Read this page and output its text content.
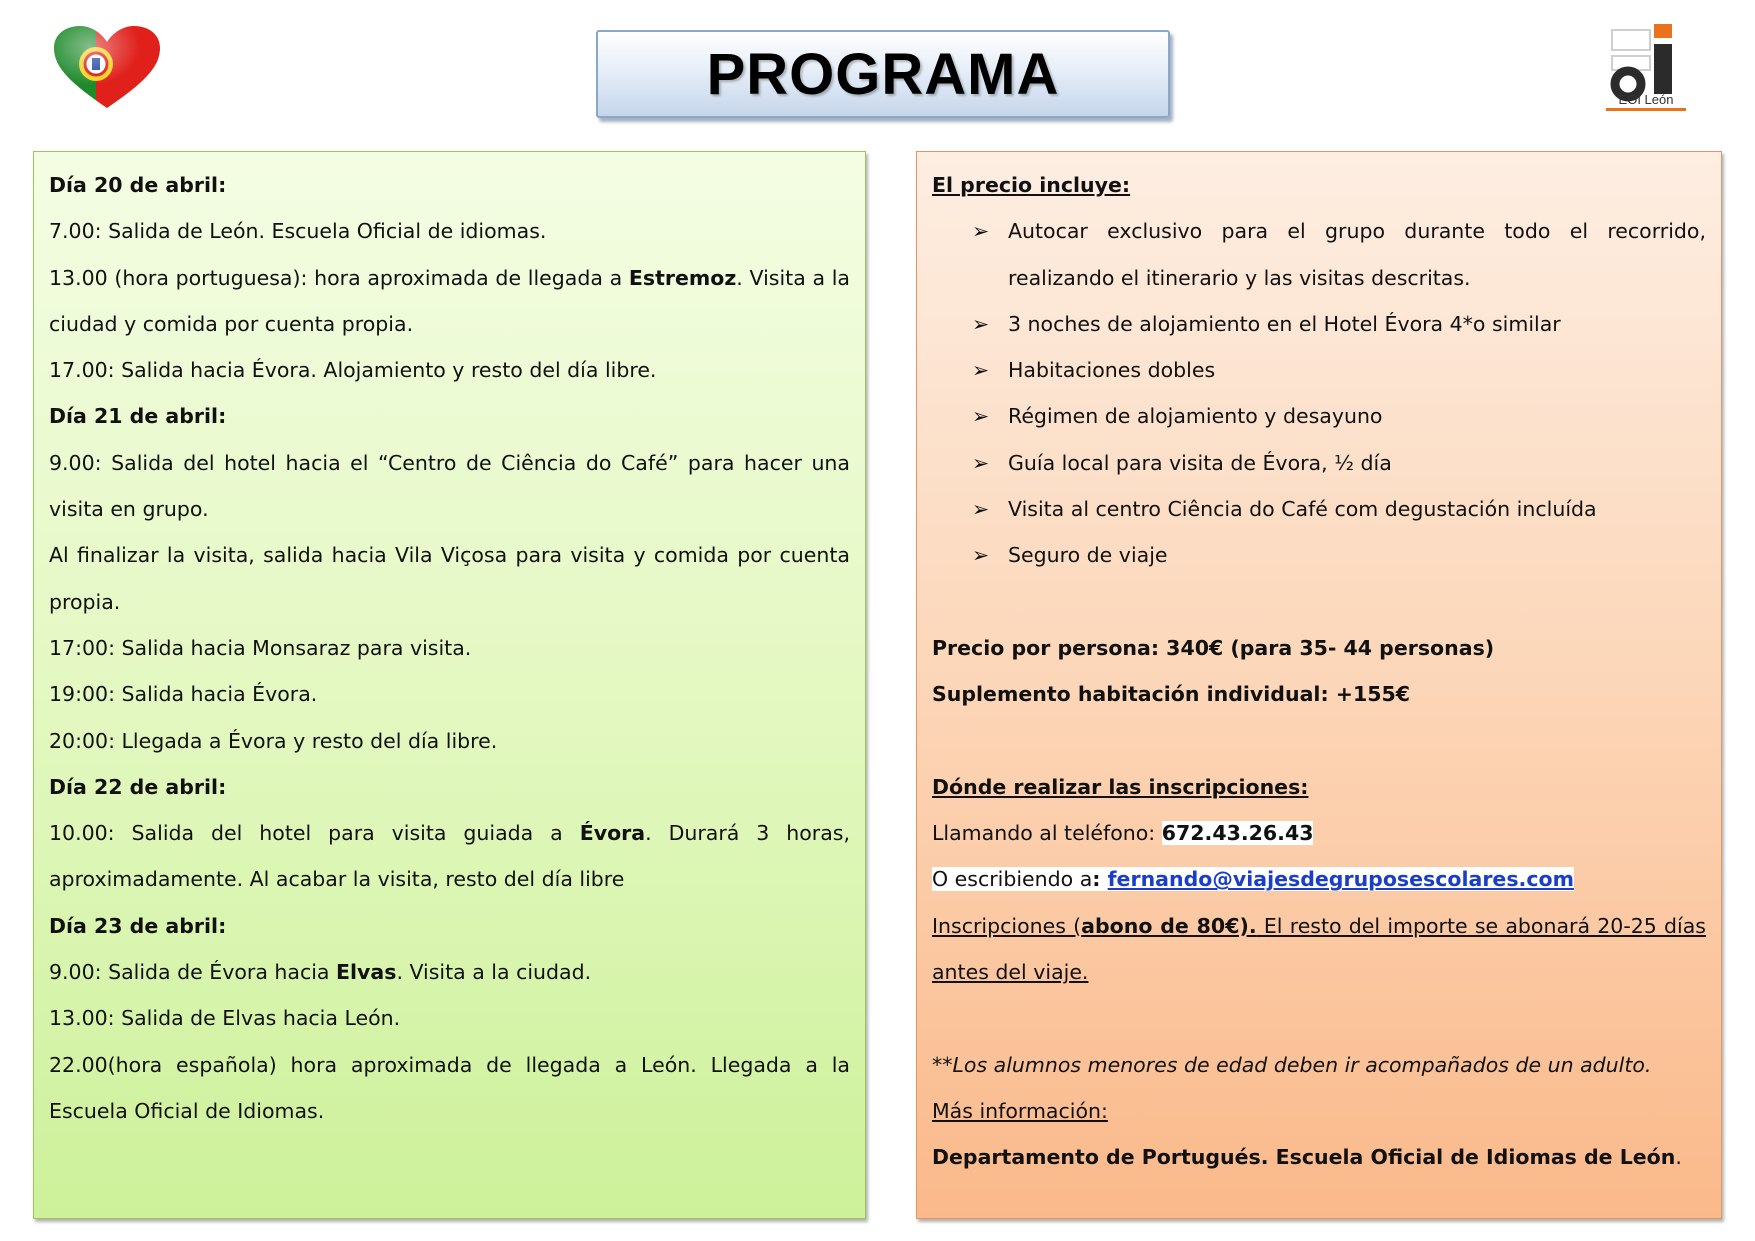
PROGRAMA	EOI León

Día 20 de abril:

7.00: Salida de León. Escuela Oficial de idiomas.

13.00 (hora portuguesa): hora aproximada de llegada a Estremoz. Visita a la ciudad y comida por cuenta propia.

17.00: Salida hacia Évora. Alojamiento y resto del día libre.

Día 21 de abril:

9.00: Salida del hotel hacia el “Centro de Ciência do Café” para hacer una visita en grupo.

Al finalizar la visita, salida hacia Vila Viçosa para visita y comida por cuenta propia.

17:00: Salida hacia Monsaraz para visita.

19:00: Salida hacia Évora.

20:00: Llegada a Évora y resto del día libre.

Día 22 de abril:

10.00: Salida del hotel para visita guiada a Évora. Durará 3 horas, aproximadamente. Al acabar la visita, resto del día libre

Día 23 de abril:

9.00: Salida de Évora hacia Elvas. Visita a la ciudad.

13.00: Salida de Elvas hacia León.

22.00(hora española) hora aproximada de llegada a León. Llegada a la Escuela Oficial de Idiomas.

El precio incluye:

➢ Autocar exclusivo para el grupo durante todo el recorrido, realizando el itinerario y las visitas descritas.
➢ 3 noches de alojamiento en el Hotel Évora 4*o similar
➢ Habitaciones dobles
➢ Régimen de alojamiento y desayuno
➢ Guía local para visita de Évora, ½ día
➢ Visita al centro Ciência do Café com degustación incluída
➢ Seguro de viaje

Precio por persona: 340€ (para 35- 44 personas)

Suplemento habitación individual: +155€

Dónde realizar las inscripciones:

Llamando al teléfono: 672.43.26.43

O escribiendo a: fernando@viajesdegruposescolares.com

Inscripciones (abono de 80€). El resto del importe se abonará 20-25 días antes del viaje.

**Los alumnos menores de edad deben ir acompañados de un adulto.

Más información:

Departamento de Portugués. Escuela Oficial de Idiomas de León.
